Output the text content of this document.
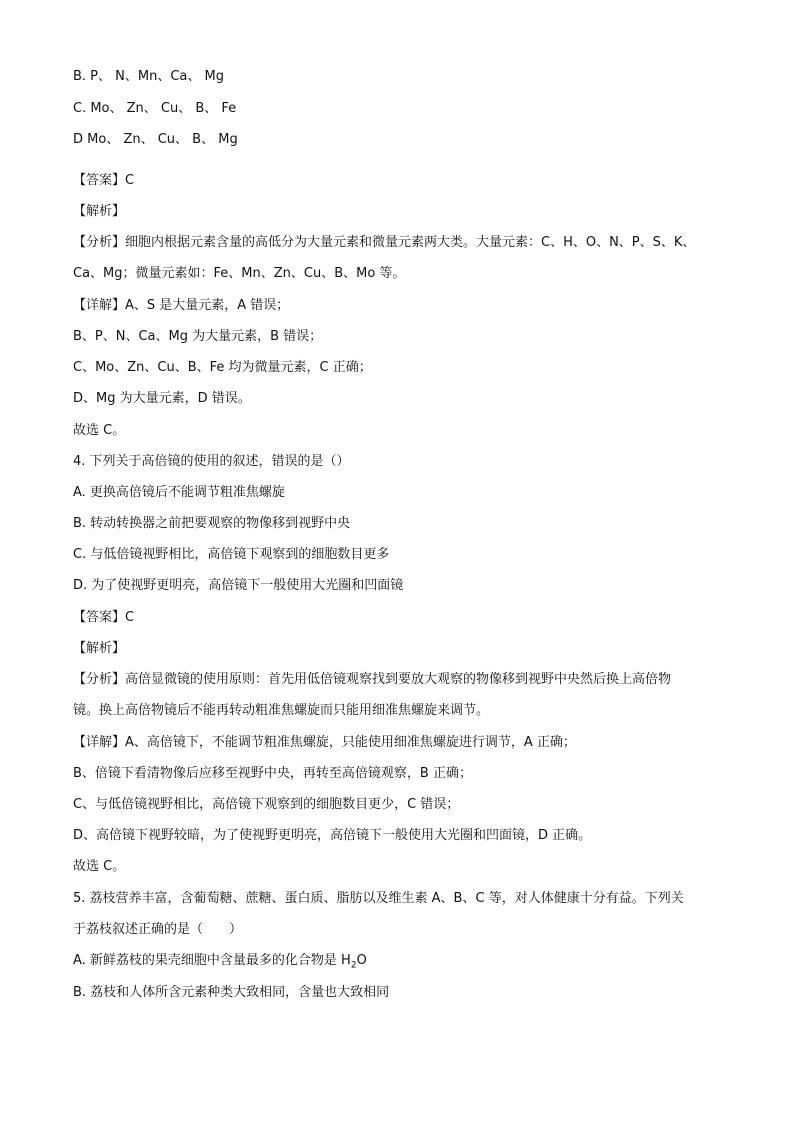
B. P、 N、Mn、Ca、 Mg
C. Mo、 Zn、 Cu、 B、 Fe
D Mo、 Zn、 Cu、 B、 Mg
【答案】C
【解析】
【分析】细胞内根据元素含量的高低分为大量元素和微量元素两大类。大量元素：C、H、O、N、P、S、K、
Ca、Mg；微量元素如：Fe、Mn、Zn、Cu、B、Mo 等。
【详解】A、S 是大量元素，A 错误；
B、P、N、Ca、Mg 为大量元素，B 错误；
C、Mo、Zn、Cu、B、Fe 均为微量元素，C 正确；
D、Mg 为大量元素，D 错误。
故选 C。
4. 下列关于高倍镜的使用的叙述，错误的是（）
A. 更换高倍镜后不能调节粗准焦螺旋
B. 转动转换器之前把要观察的物像移到视野中央
C. 与低倍镜视野相比，高倍镜下观察到的细胞数目更多
D. 为了使视野更明亮，高倍镜下一般使用大光圈和凹面镜
【答案】C
【解析】
【分析】高倍显微镜的使用原则：首先用低倍镜观察找到要放大观察的物像移到视野中央然后换上高倍物
镜。换上高倍物镜后不能再转动粗准焦螺旋而只能用细准焦螺旋来调节。
【详解】A、高倍镜下，不能调节粗准焦螺旋，只能使用细准焦螺旋进行调节，A 正确；
B、倍镜下看清物像后应移至视野中央，再转至高倍镜观察，B 正确；
C、与低倍镜视野相比，高倍镜下观察到的细胞数目更少，C 错误；
D、高倍镜下视野较暗，为了使视野更明亮，高倍镜下一般使用大光圈和凹面镜，D 正确。
故选 C。
5. 荔枝营养丰富，含葡萄糖、蔗糖、蛋白质、脂肪以及维生素 A、B、C 等，对人体健康十分有益。下列关
于荔枝叙述正确的是（　　）
A. 新鲜荔枝的果壳细胞中含量最多的化合物是 $H_2O$
B. 荔枝和人体所含元素种类大致相同，含量也大致相同
